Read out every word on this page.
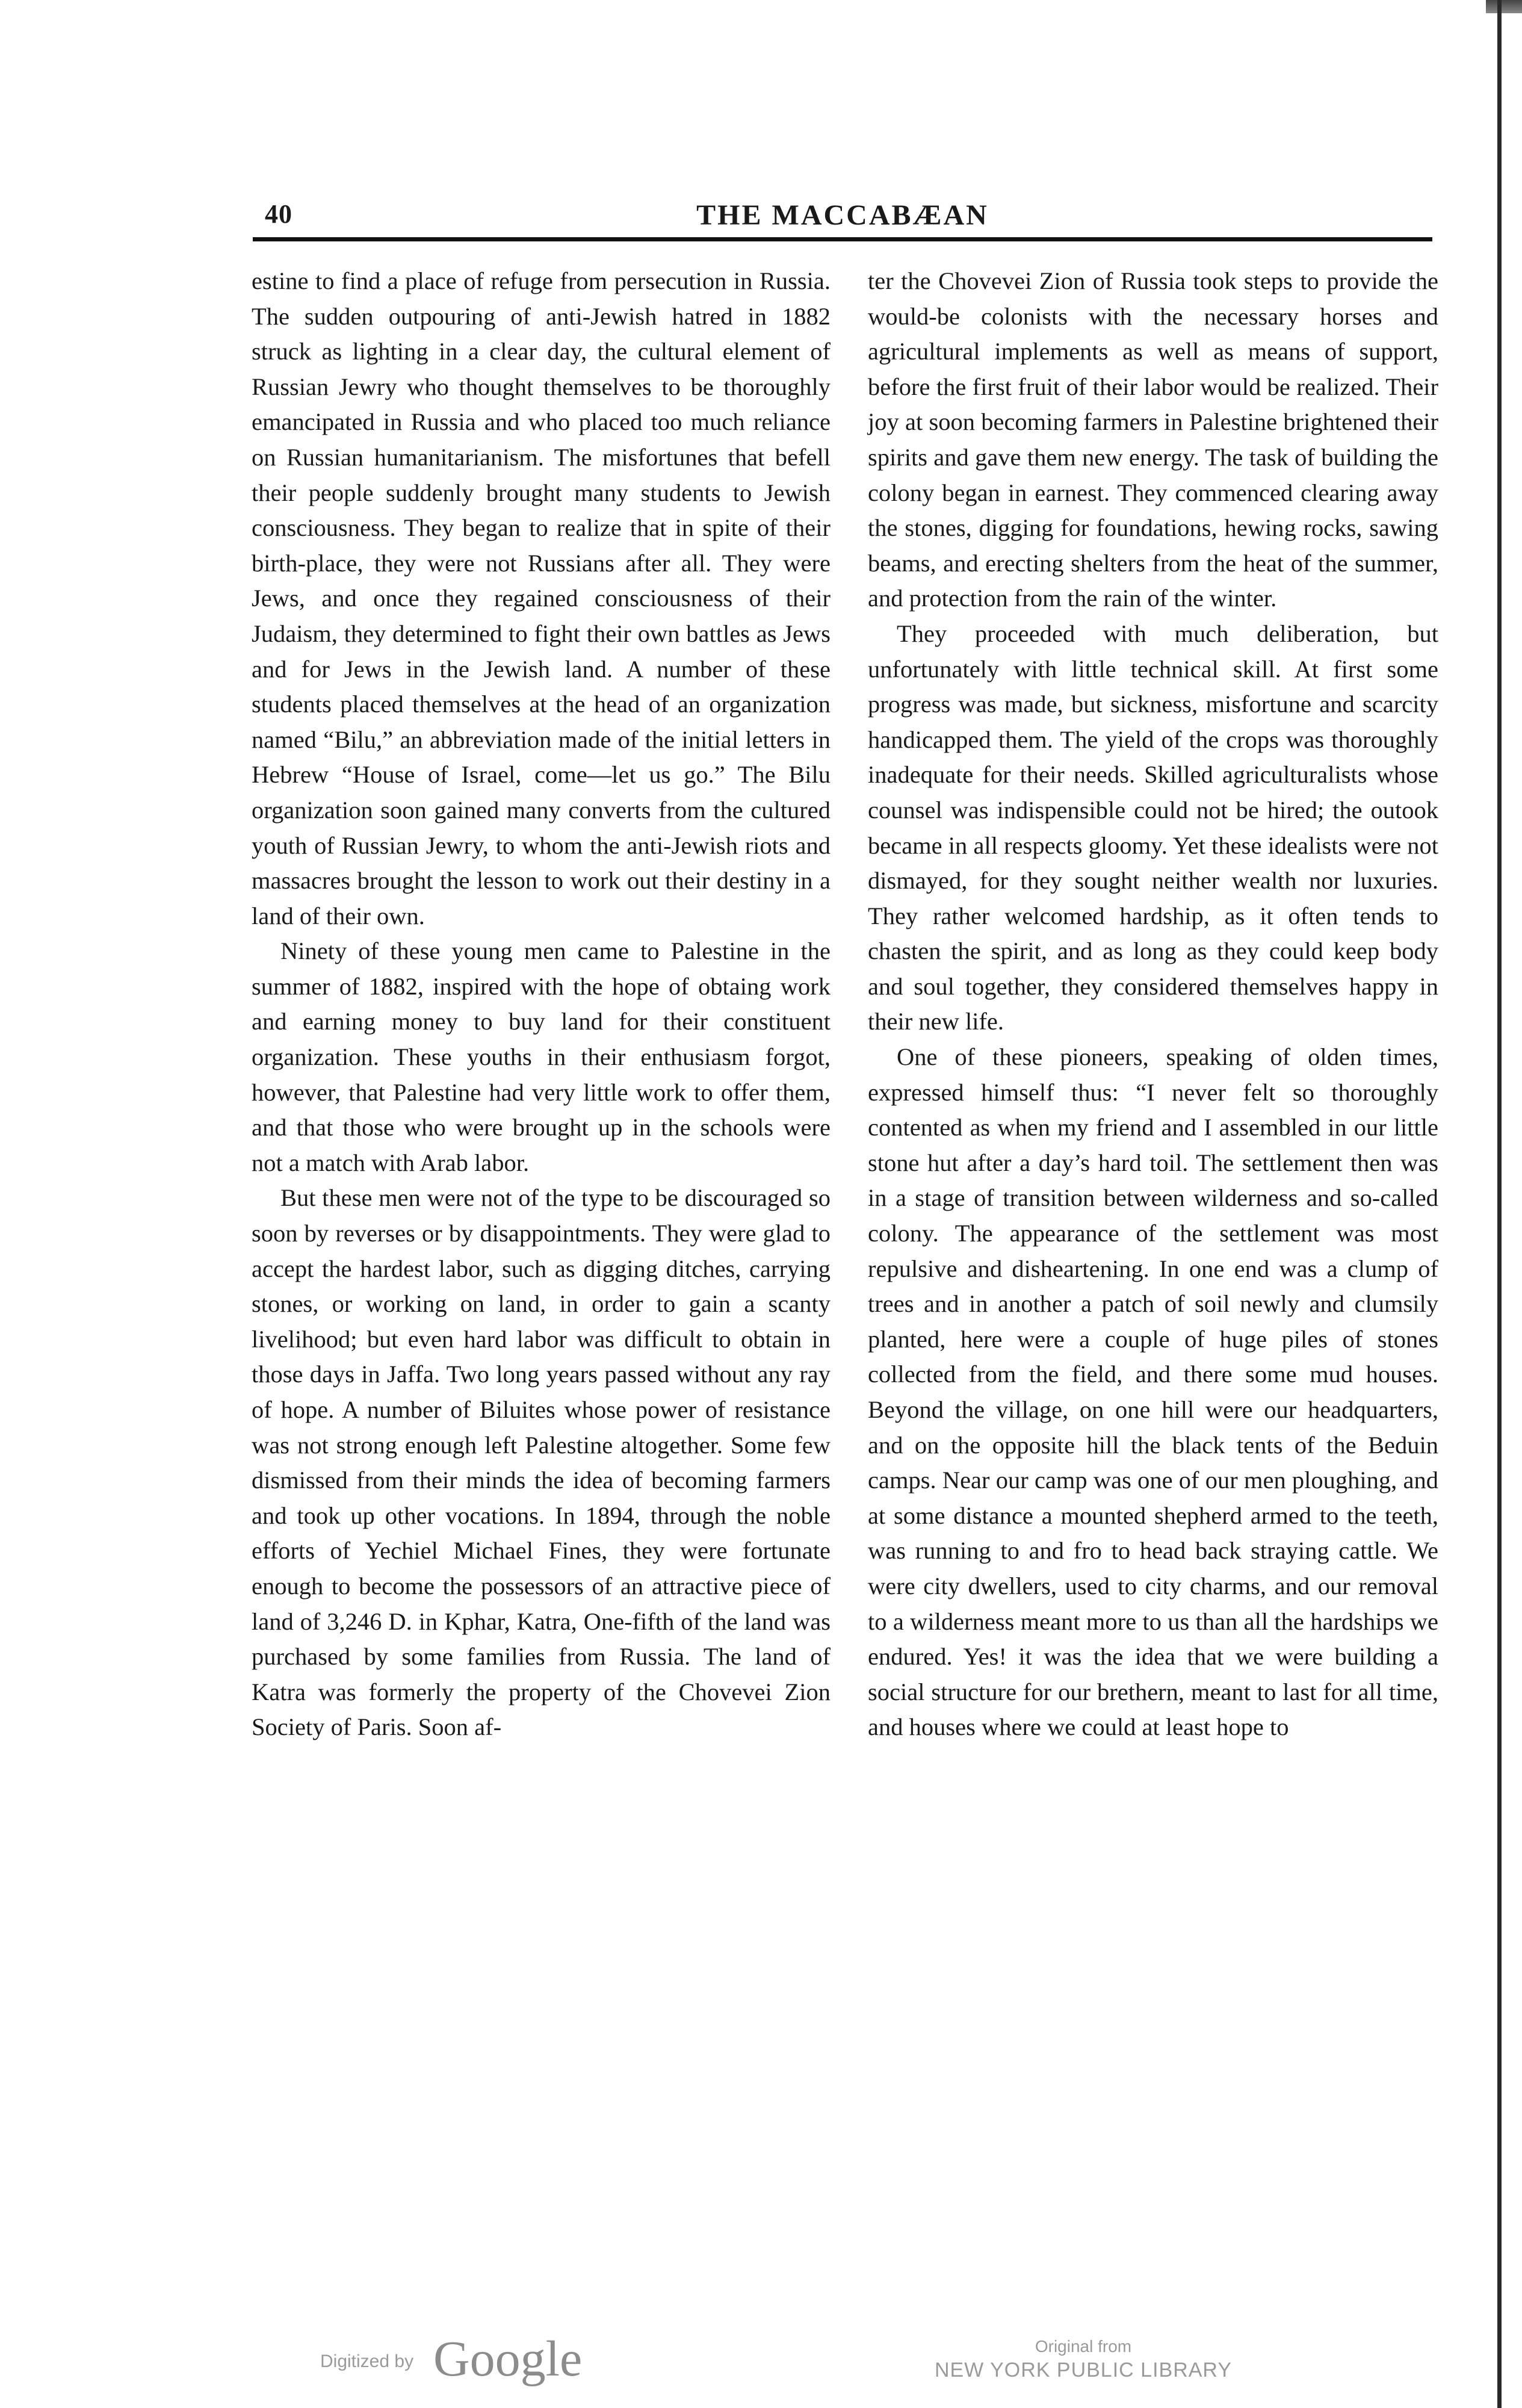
40	THE MACCABÆAN

estine to find a place of refuge from persecution in Russia. The sudden outpouring of anti-Jewish hatred in 1882 struck as lighting in a clear day, the cultural element of Russian Jewry who thought themselves to be thoroughly emancipated in Russia and who placed too much reliance on Russian humanitarianism. The misfortunes that befell their people suddenly brought many students to Jewish consciousness. They began to realize that in spite of their birth-place, they were not Russians after all. They were Jews, and once they regained consciousness of their Judaism, they determined to fight their own battles as Jews and for Jews in the Jewish land. A number of these students placed themselves at the head of an organization named “Bilu,” an abbreviation made of the initial letters in Hebrew “House of Israel, come—let us go.” The Bilu organization soon gained many converts from the cultured youth of Russian Jewry, to whom the anti-Jewish riots and massacres brought the lesson to work out their destiny in a land of their own.

Ninety of these young men came to Palestine in the summer of 1882, inspired with the hope of obtaing work and earning money to buy land for their constituent organization. These youths in their enthusiasm forgot, however, that Palestine had very little work to offer them, and that those who were brought up in the schools were not a match with Arab labor.

But these men were not of the type to be discouraged so soon by reverses or by disappointments. They were glad to accept the hardest labor, such as digging ditches, carrying stones, or working on land, in order to gain a scanty livelihood; but even hard labor was difficult to obtain in those days in Jaffa. Two long years passed without any ray of hope. A number of Biluites whose power of resistance was not strong enough left Palestine altogether. Some few dismissed from their minds the idea of becoming farmers and took up other vocations. In 1894, through the noble efforts of Yechiel Michael Fines, they were fortunate enough to become the possessors of an attractive piece of land of 3,246 D. in Kphar, Katra, One-fifth of the land was purchased by some families from Russia. The land of Katra was formerly the property of the Chovevei Zion Society of Paris. Soon af-

ter the Chovevei Zion of Russia took steps to provide the would-be colonists with the necessary horses and agricultural implements as well as means of support, before the first fruit of their labor would be realized. Their joy at soon becoming farmers in Palestine brightened their spirits and gave them new energy. The task of building the colony began in earnest. They commenced clearing away the stones, digging for foundations, hewing rocks, sawing beams, and erecting shelters from the heat of the summer, and protection from the rain of the winter.

They proceeded with much deliberation, but unfortunately with little technical skill. At first some progress was made, but sickness, misfortune and scarcity handicapped them. The yield of the crops was thoroughly inadequate for their needs. Skilled agriculturalists whose counsel was indispensible could not be hired; the outook became in all respects gloomy. Yet these idealists were not dismayed, for they sought neither wealth nor luxuries. They rather welcomed hardship, as it often tends to chasten the spirit, and as long as they could keep body and soul together, they considered themselves happy in their new life.

One of these pioneers, speaking of olden times, expressed himself thus: “I never felt so thoroughly contented as when my friend and I assembled in our little stone hut after a day’s hard toil. The settlement then was in a stage of transition between wilderness and so-called colony. The appearance of the settlement was most repulsive and disheartening. In one end was a clump of trees and in another a patch of soil newly and clumsily planted, here were a couple of huge piles of stones collected from the field, and there some mud houses. Beyond the village, on one hill were our headquarters, and on the opposite hill the black tents of the Beduin camps. Near our camp was one of our men ploughing, and at some distance a mounted shepherd armed to the teeth, was running to and fro to head back straying cattle. We were city dwellers, used to city charms, and our removal to a wilderness meant more to us than all the hardships we endured. Yes! it was the idea that we were building a social structure for our brethern, meant to last for all time, and houses where we could at least hope to

Digitized by Google	Original from
NEW YORK PUBLIC LIBRARY
